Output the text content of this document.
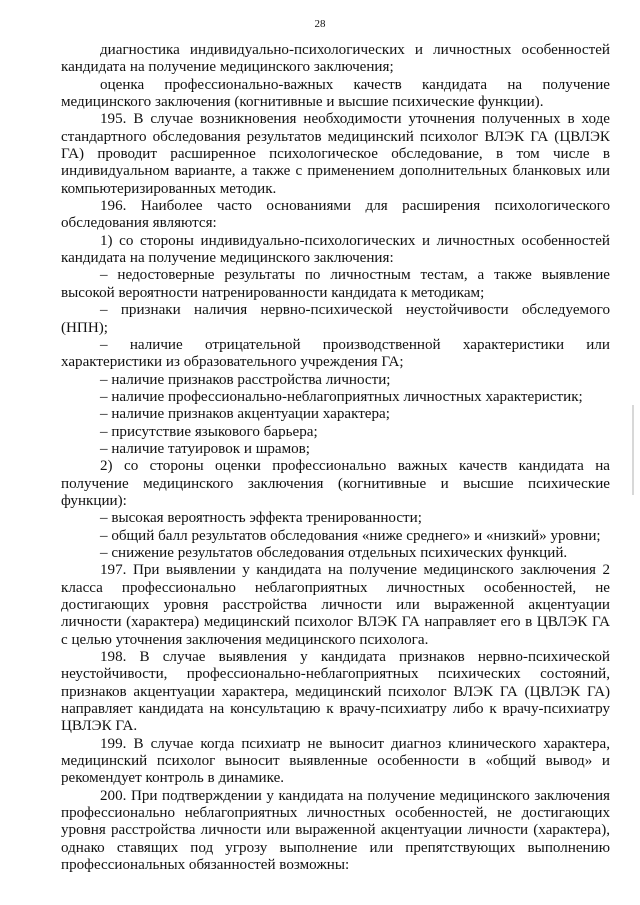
28

диагностика индивидуально-психологических и личностных особенностей кандидата на получение медицинского заключения;

оценка профессионально-важных качеств кандидата на получение медицинского заключения (когнитивные и высшие психические функции).

195. В случае возникновения необходимости уточнения полученных в ходе стандартного обследования результатов медицинский психолог ВЛЭК ГА (ЦВЛЭК ГА) проводит расширенное психологическое обследование, в том числе в индивидуальном варианте, а также с применением дополнительных бланковых или компьютеризированных методик.

196. Наиболее часто основаниями для расширения психологического обследования являются:

1) со стороны индивидуально-психологических и личностных особенностей кандидата на получение медицинского заключения:

– недостоверные результаты по личностным тестам, а также выявление высокой вероятности натренированности кандидата к методикам;

– признаки наличия нервно-психической неустойчивости обследуемого (НПН);

– наличие отрицательной производственной характеристики или характеристики из образовательного учреждения ГА;

– наличие признаков расстройства личности;

– наличие профессионально-неблагоприятных личностных характеристик;

– наличие признаков акцентуации характера;

– присутствие языкового барьера;

– наличие татуировок и шрамов;

2) со стороны оценки профессионально важных качеств кандидата на получение медицинского заключения (когнитивные и высшие психические функции):

– высокая вероятность эффекта тренированности;

– общий балл результатов обследования «ниже среднего» и «низкий» уровни;

– снижение результатов обследования отдельных психических функций.

197. При выявлении у кандидата на получение медицинского заключения 2 класса профессионально неблагоприятных личностных особенностей, не достигающих уровня расстройства личности или выраженной акцентуации личности (характера) медицинский психолог ВЛЭК ГА направляет его в ЦВЛЭК ГА с целью уточнения заключения медицинского психолога.

198. В случае выявления у кандидата признаков нервно-психической неустойчивости, профессионально-неблагоприятных психических состояний, признаков акцентуации характера, медицинский психолог ВЛЭК ГА (ЦВЛЭК ГА) направляет кандидата на консультацию к врачу-психиатру либо к врачу-психиатру ЦВЛЭК ГА.

199. В случае когда психиатр не выносит диагноз клинического характера, медицинский психолог выносит выявленные особенности в «общий вывод» и рекомендует контроль в динамике.

200. При подтверждении у кандидата на получение медицинского заключения профессионально неблагоприятных личностных особенностей, не достигающих уровня расстройства личности или выраженной акцентуации личности (характера), однако ставящих под угрозу выполнение или препятствующих выполнению профессиональных обязанностей возможны:
